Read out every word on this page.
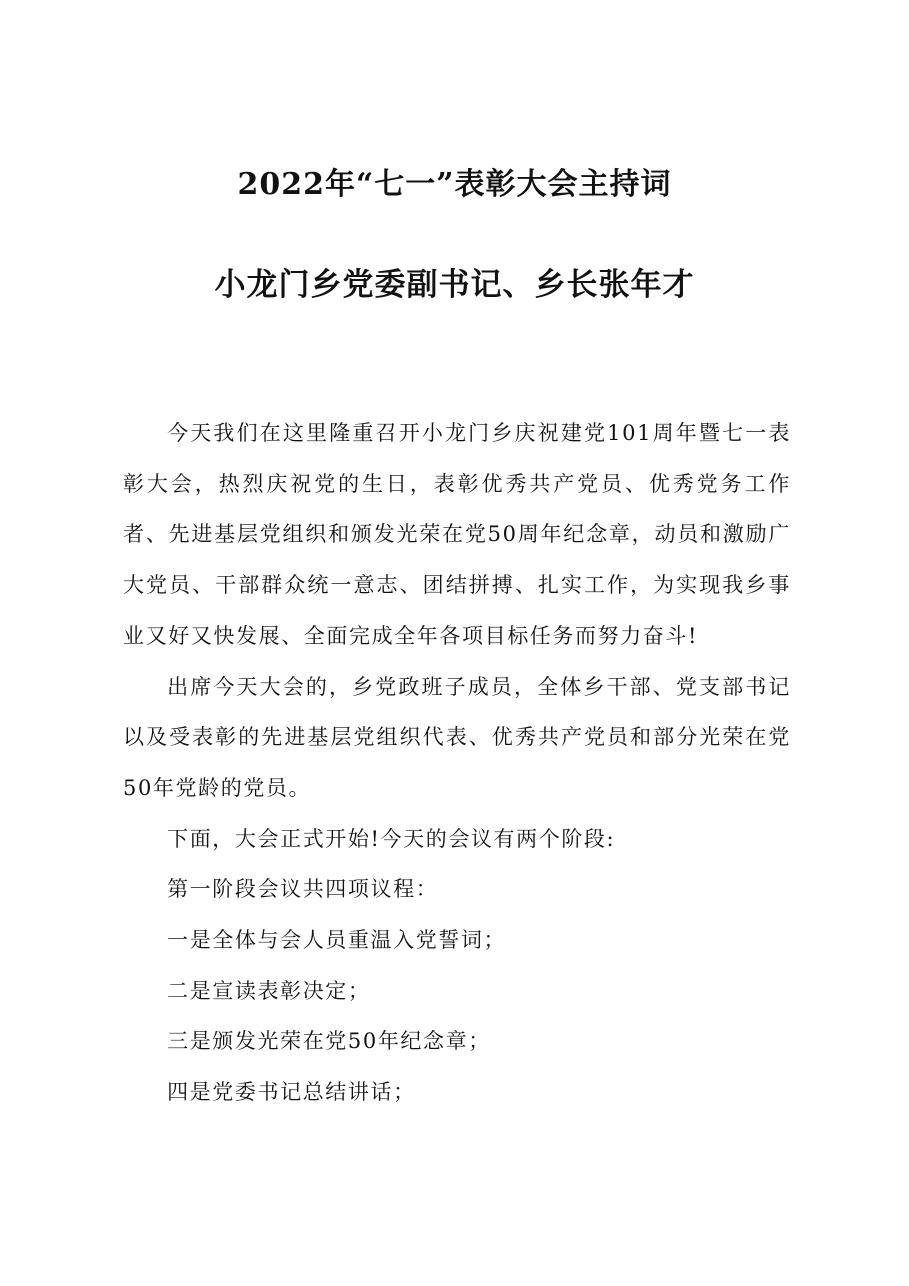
2022年“七一”表彰大会主持词
小龙门乡党委副书记、乡长张年才

今天我们在这里隆重召开小龙门乡庆祝建党101周年暨七一表彰大会，热烈庆祝党的生日，表彰优秀共产党员、优秀党务工作者、先进基层党组织和颁发光荣在党50周年纪念章，动员和激励广大党员、干部群众统一意志、团结拼搏、扎实工作，为实现我乡事业又好又快发展、全面完成全年各项目标任务而努力奋斗!

出席今天大会的，乡党政班子成员，全体乡干部、党支部书记以及受表彰的先进基层党组织代表、优秀共产党员和部分光荣在党50年党龄的党员。

下面，大会正式开始!今天的会议有两个阶段:

第一阶段会议共四项议程：

一是全体与会人员重温入党誓词；

二是宣读表彰决定；

三是颁发光荣在党50年纪念章；

四是党委书记总结讲话；
